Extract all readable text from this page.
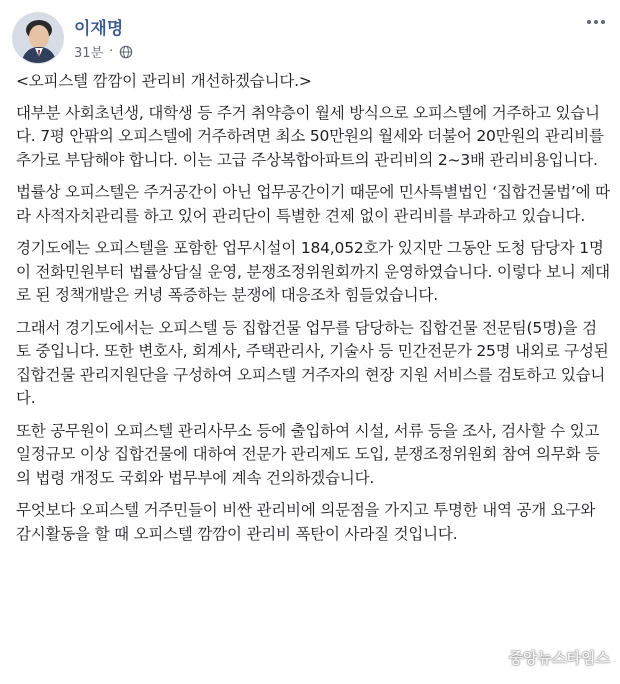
이재명
31분 ·

<오피스텔 깜깜이 관리비 개선하겠습니다.>

대부분 사회초년생, 대학생 등 주거 취약층이 월세 방식으로 오피스텔에 거주하고 있습니다. 7평 안팎의 오피스텔에 거주하려면 최소 50만원의 월세와 더불어 20만원의 관리비를 추가로 부담해야 합니다. 이는 고급 주상복합아파트의 관리비의 2~3배 관리비용입니다.

법률상 오피스텔은 주거공간이 아닌 업무공간이기 때문에 민사특별법인 ‘집합건물법’에 따라 사적자치관리를 하고 있어 관리단이 특별한 견제 없이 관리비를 부과하고 있습니다.

경기도에는 오피스텔을 포함한 업무시설이 184,052호가 있지만 그동안 도청 담당자 1명이 전화민원부터 법률상담실 운영, 분쟁조정위원회까지 운영하였습니다. 이렇다 보니 제대로 된 정책개발은 커녕 폭증하는 분쟁에 대응조차 힘들었습니다.

그래서 경기도에서는 오피스텔 등 집합건물 업무를 담당하는 집합건물 전문팀(5명)을 검토 중입니다. 또한 변호사, 회계사, 주택관리사, 기술사 등 민간전문가 25명 내외로 구성된 집합건물 관리지원단을 구성하여 오피스텔 거주자의 현장 지원 서비스를 검토하고 있습니다.

또한 공무원이 오피스텔 관리사무소 등에 출입하여 시설, 서류 등을 조사, 검사할 수 있고 일정규모 이상 집합건물에 대하여 전문가 관리제도 도입, 분쟁조정위원회 참여 의무화 등의 법령 개정도 국회와 법무부에 계속 건의하겠습니다.

무엇보다 오피스텔 거주민들이 비싼 관리비에 의문점을 가지고 투명한 내역 공개 요구와 감시활동을 할 때 오피스텔 깜깜이 관리비 폭탄이 사라질 것입니다.

중앙뉴스타임스
